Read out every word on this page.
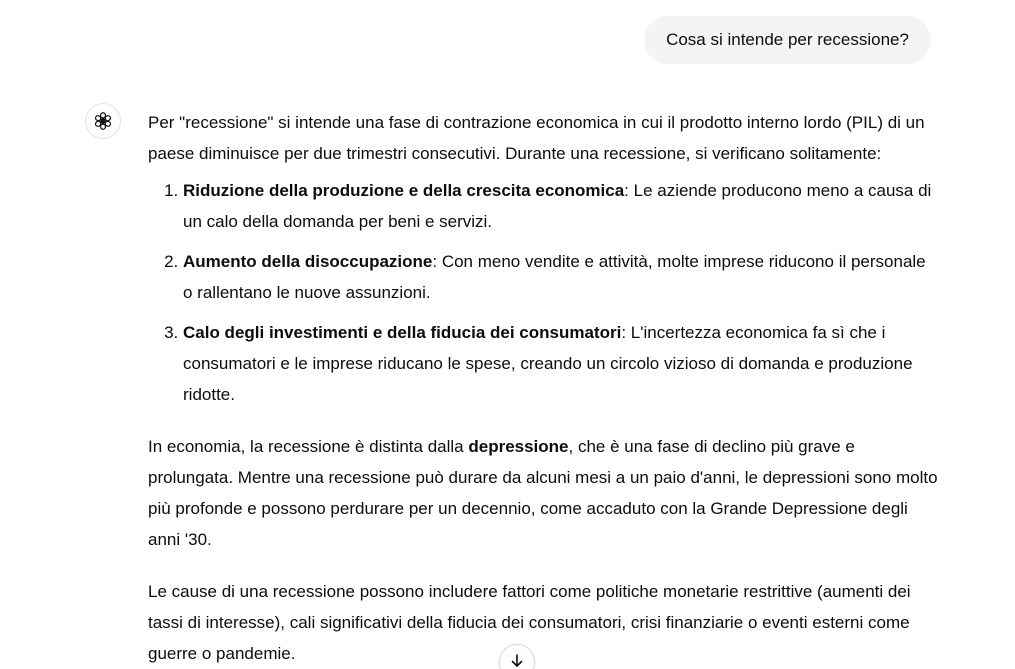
Cosa si intende per recessione?

Per "recessione" si intende una fase di contrazione economica in cui il prodotto interno lordo (PIL) di un paese diminuisce per due trimestri consecutivi. Durante una recessione, si verificano solitamente:

1. Riduzione della produzione e della crescita economica: Le aziende producono meno a causa di un calo della domanda per beni e servizi.
2. Aumento della disoccupazione: Con meno vendite e attività, molte imprese riducono il personale o rallentano le nuove assunzioni.
3. Calo degli investimenti e della fiducia dei consumatori: L'incertezza economica fa sì che i consumatori e le imprese riducano le spese, creando un circolo vizioso di domanda e produzione ridotte.

In economia, la recessione è distinta dalla depressione, che è una fase di declino più grave e prolungata. Mentre una recessione può durare da alcuni mesi a un paio d'anni, le depressioni sono molto più profonde e possono perdurare per un decennio, come accaduto con la Grande Depressione degli anni '30.

Le cause di una recessione possono includere fattori come politiche monetarie restrittive (aumenti dei tassi di interesse), cali significativi della fiducia dei consumatori, crisi finanziarie o eventi esterni come guerre o pandemie.
